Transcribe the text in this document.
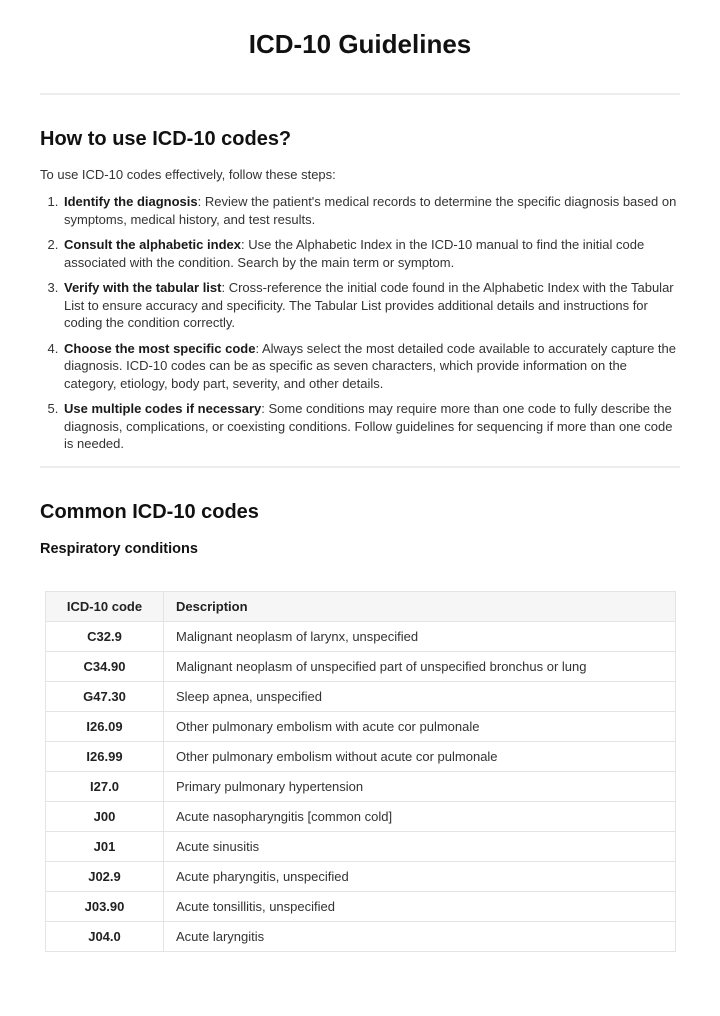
ICD-10 Guidelines
How to use ICD-10 codes?

To use ICD-10 codes effectively, follow these steps:

1. Identify the diagnosis: Review the patient's medical records to determine the specific diagnosis based on symptoms, medical history, and test results.
2. Consult the alphabetic index: Use the Alphabetic Index in the ICD-10 manual to find the initial code associated with the condition. Search by the main term or symptom.
3. Verify with the tabular list: Cross-reference the initial code found in the Alphabetic Index with the Tabular List to ensure accuracy and specificity. The Tabular List provides additional details and instructions for coding the condition correctly.
4. Choose the most specific code: Always select the most detailed code available to accurately capture the diagnosis. ICD-10 codes can be as specific as seven characters, which provide information on the category, etiology, body part, severity, and other details.
5. Use multiple codes if necessary: Some conditions may require more than one code to fully describe the diagnosis, complications, or coexisting conditions. Follow guidelines for sequencing if more than one code is needed.
Common ICD-10 codes
Respiratory conditions
ICD-10 code	Description
C32.9	Malignant neoplasm of larynx, unspecified
C34.90	Malignant neoplasm of unspecified part of unspecified bronchus or lung
G47.30	Sleep apnea, unspecified
I26.09	Other pulmonary embolism with acute cor pulmonale
I26.99	Other pulmonary embolism without acute cor pulmonale
I27.0	Primary pulmonary hypertension
J00	Acute nasopharyngitis [common cold]
J01	Acute sinusitis
J02.9	Acute pharyngitis, unspecified
J03.90	Acute tonsillitis, unspecified
J04.0	Acute laryngitis
